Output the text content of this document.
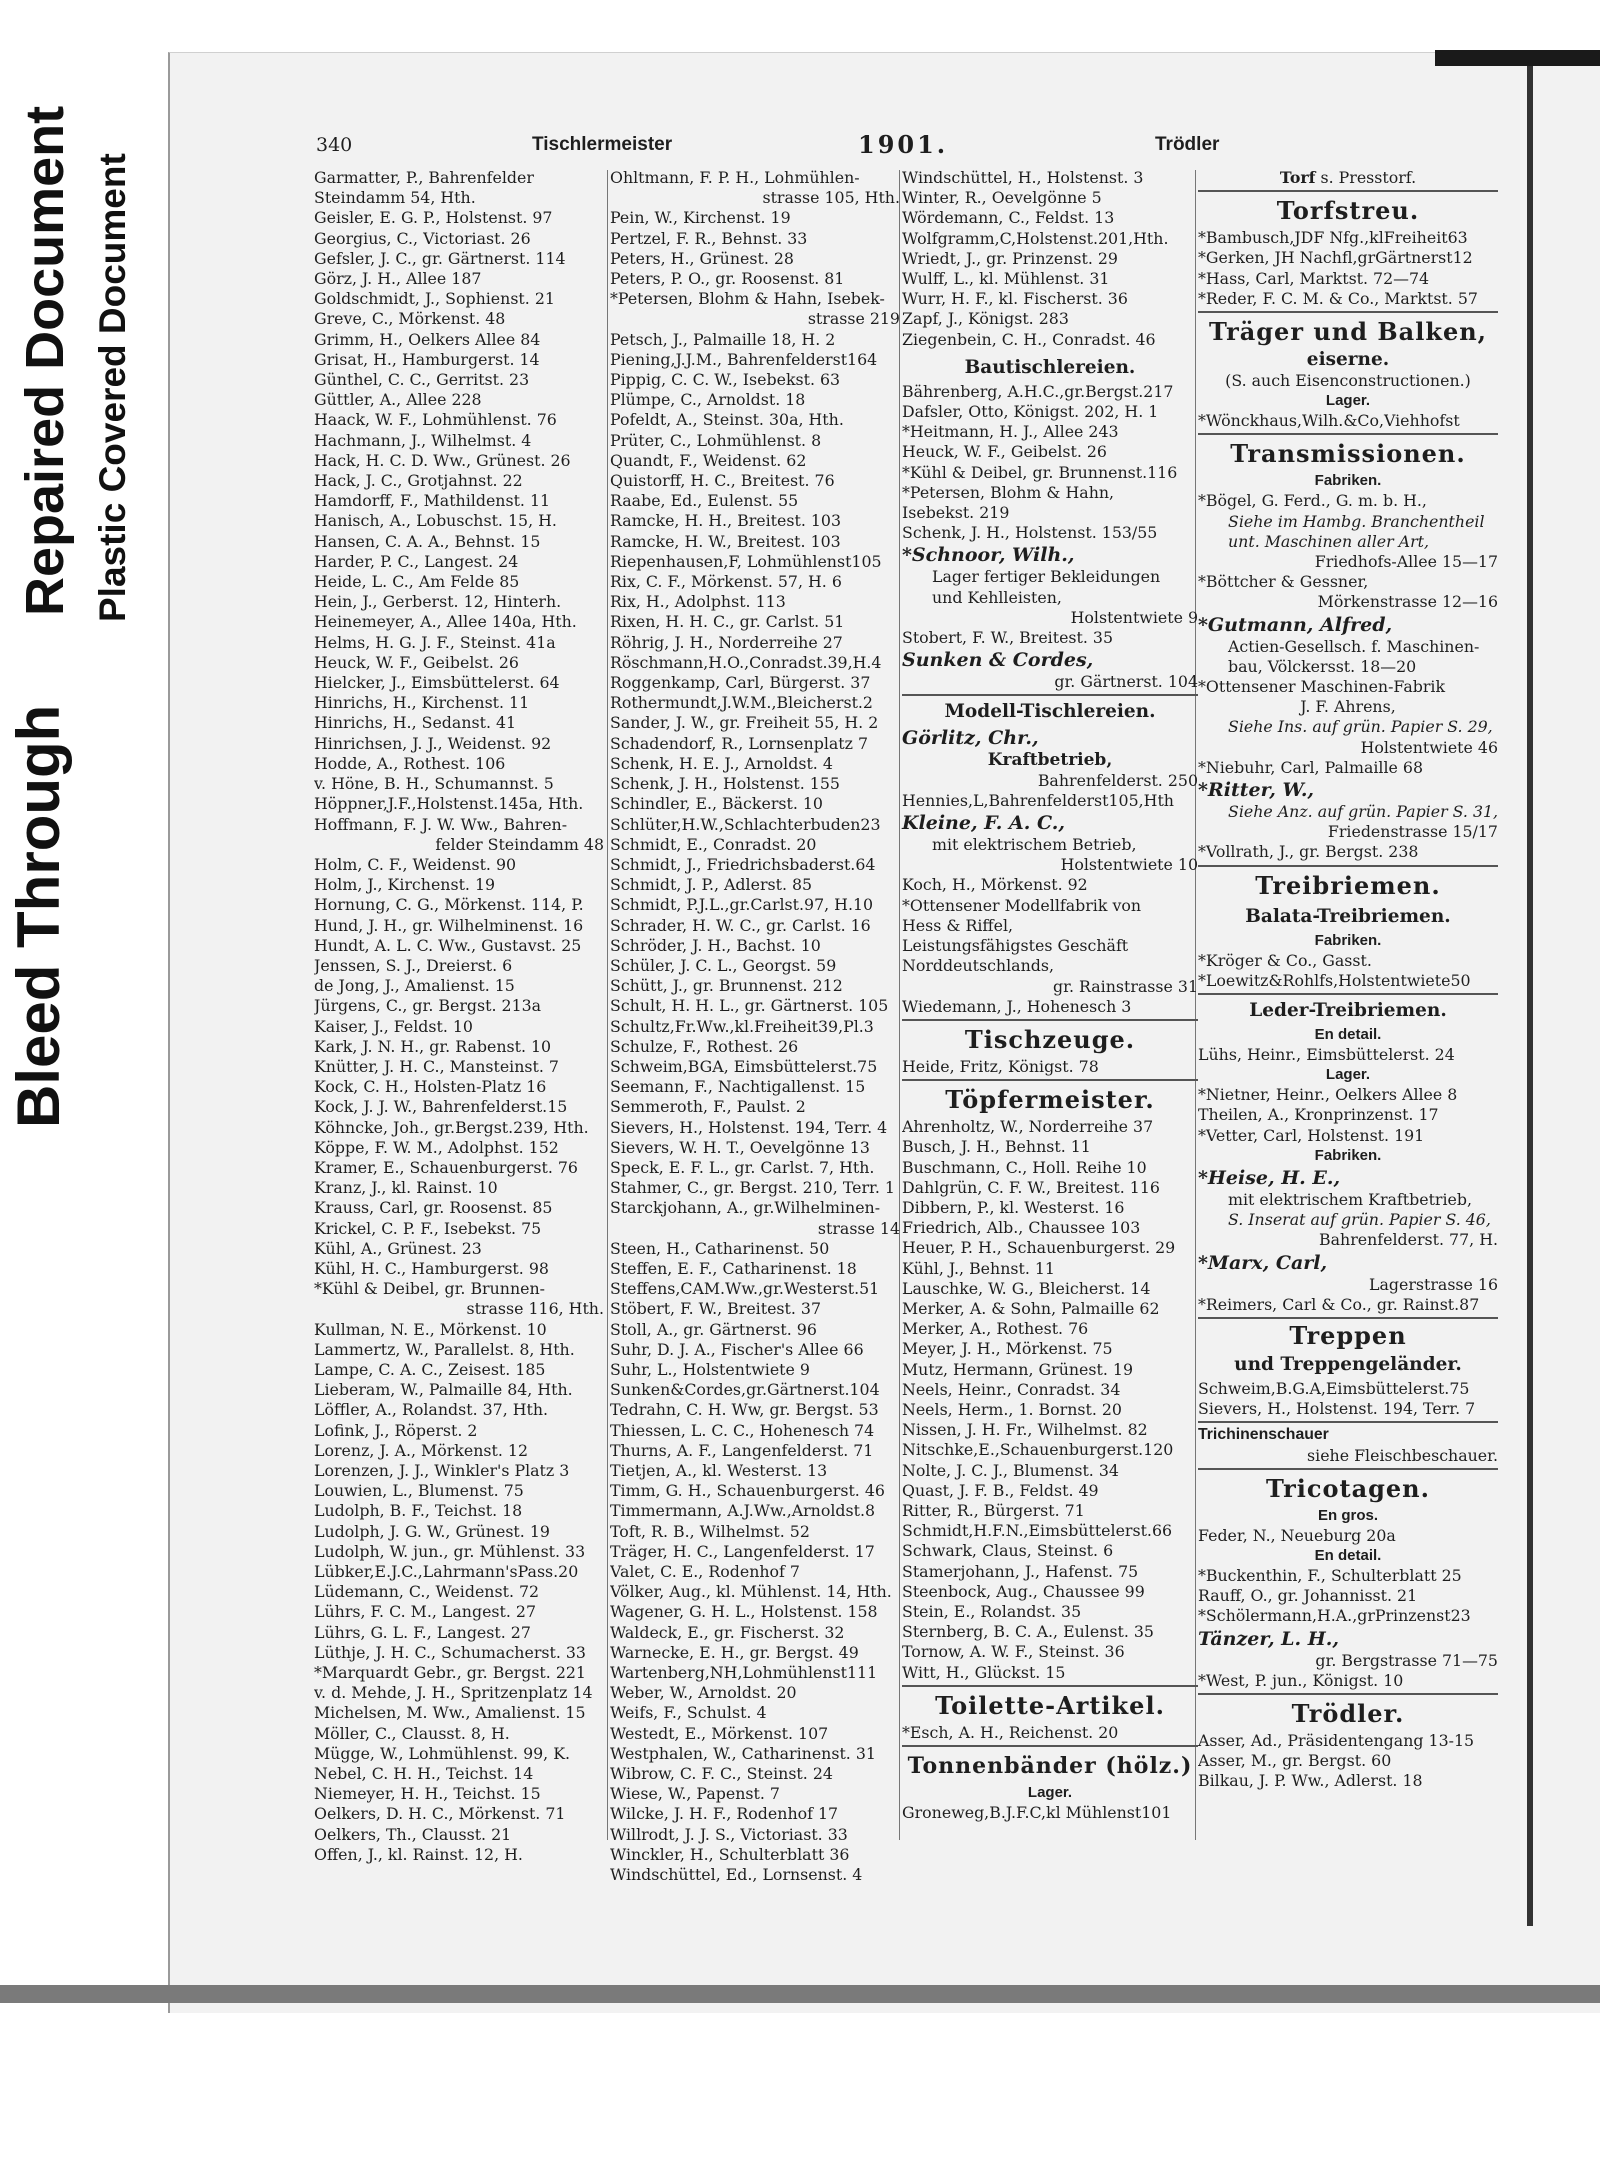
Bleed Through
Repaired Document Plastic Covered Document
340	Tischlermeister	1901.	Trödler
Garmatter, P., Bahrenfelder
Steindamm 54, Hth.
Geisler, E. G. P., Holstenst. 97
Georgius, C., Victoriast. 26
Gefsler, J. C., gr. Gärtnerst. 114
Görz, J. H., Allee 187
Goldschmidt, J., Sophienst. 21
Greve, C., Mörkenst. 48
Grimm, H., Oelkers Allee 84
Grisat, H., Hamburgerst. 14
Günthel, C. C., Gerritst. 23
Güttler, A., Allee 228
Haack, W. F., Lohmühlenst. 76
Hachmann, J., Wilhelmst. 4
Hack, H. C. D. Ww., Grünest. 26
Hack, J. C., Grotjahnst. 22
Hamdorff, F., Mathildenst. 11
Hanisch, A., Lobuschst. 15, H.
Hansen, C. A. A., Behnst. 15
Harder, P. C., Langest. 24
Heide, L. C., Am Felde 85
Hein, J., Gerberst. 12, Hinterh.
Heinemeyer, A., Allee 140a, Hth.
Helms, H. G. J. F., Steinst. 41a
Heuck, W. F., Geibelst. 26
Hielcker, J., Eimsbüttelerst. 64
Hinrichs, H., Kirchenst. 11
Hinrichs, H., Sedanst. 41
Hinrichsen, J. J., Weidenst. 92
Hodde, A., Rothest. 106
v. Höne, B. H., Schumannst. 5
Höppner,J.F.,Holstenst.145a, Hth.
Hoffmann, F. J. W. Ww., Bahren-
felder Steindamm 48
Holm, C. F., Weidenst. 90
Holm, J., Kirchenst. 19
Hornung, C. G., Mörkenst. 114, P.
Hund, J. H., gr. Wilhelminenst. 16
Hundt, A. L. C. Ww., Gustavst. 25
Jenssen, S. J., Dreierst. 6
de Jong, J., Amalienst. 15
Jürgens, C., gr. Bergst. 213a
Kaiser, J., Feldst. 10
Kark, J. N. H., gr. Rabenst. 10
Knütter, J. H. C., Mansteinst. 7
Kock, C. H., Holsten-Platz 16
Kock, J. J. W., Bahrenfelderst.15
Köhncke, Joh., gr.Bergst.239, Hth.
Köppe, F. W. M., Adolphst. 152
Kramer, E., Schauenburgerst. 76
Kranz, J., kl. Rainst. 10
Krauss, Carl, gr. Roosenst. 85
Krickel, C. P. F., Isebekst. 75
Kühl, A., Grünest. 23
Kühl, H. C., Hamburgerst. 98
*Kühl & Deibel, gr. Brunnen-
strasse 116, Hth.
Kullman, N. E., Mörkenst. 10
Lammertz, W., Parallelst. 8, Hth.
Lampe, C. A. C., Zeisest. 185
Lieberam, W., Palmaille 84, Hth.
Löffler, A., Rolandst. 37, Hth.
Lofink, J., Röperst. 2
Lorenz, J. A., Mörkenst. 12
Lorenzen, J. J., Winkler's Platz 3
Louwien, L., Blumenst. 75
Ludolph, B. F., Teichst. 18
Ludolph, J. G. W., Grünest. 19
Ludolph, W. jun., gr. Mühlenst. 33
Lübker,E.J.C.,Lahrmann'sPass.20
Lüdemann, C., Weidenst. 72
Lührs, F. C. M., Langest. 27
Lührs, G. L. F., Langest. 27
Lüthje, J. H. C., Schumacherst. 33
*Marquardt Gebr., gr. Bergst. 221
v. d. Mehde, J. H., Spritzenplatz 14
Michelsen, M. Ww., Amalienst. 15
Möller, C., Clausst. 8, H.
Mügge, W., Lohmühlenst. 99, K.
Nebel, C. H. H., Teichst. 14
Niemeyer, H. H., Teichst. 15
Oelkers, D. H. C., Mörkenst. 71
Oelkers, Th., Clausst. 21
Offen, J., kl. Rainst. 12, H.
Ohltmann, F. P. H., Lohmühlen-
strasse 105, Hth.
Pein, W., Kirchenst. 19
Pertzel, F. R., Behnst. 33
Peters, H., Grünest. 28
Peters, P. O., gr. Roosenst. 81
*Petersen, Blohm & Hahn, Isebek-
strasse 219
Petsch, J., Palmaille 18, H. 2
Piening,J.J.M., Bahrenfelderst164
Pippig, C. C. W., Isebekst. 63
Plümpe, C., Arnoldst. 18
Pofeldt, A., Steinst. 30a, Hth.
Prüter, C., Lohmühlenst. 8
Quandt, F., Weidenst. 62
Quistorff, H. C., Breitest. 76
Raabe, Ed., Eulenst. 55
Ramcke, H. H., Breitest. 103
Ramcke, H. W., Breitest. 103
Riepenhausen,F, Lohmühlenst105
Rix, C. F., Mörkenst. 57, H. 6
Rix, H., Adolphst. 113
Rixen, H. H. C., gr. Carlst. 51
Röhrig, J. H., Norderreihe 27
Röschmann,H.O.,Conradst.39,H.4
Roggenkamp, Carl, Bürgerst. 37
Rothermundt,J.W.M.,Bleicherst.2
Sander, J. W., gr. Freiheit 55, H. 2
Schadendorf, R., Lornsenplatz 7
Schenk, H. E. J., Arnoldst. 4
Schenk, J. H., Holstenst. 155
Schindler, E., Bäckerst. 10
Schlüter,H.W.,Schlachterbuden23
Schmidt, E., Conradst. 20
Schmidt, J., Friedrichsbaderst.64
Schmidt, J. P., Adlerst. 85
Schmidt, P.J.L.,gr.Carlst.97, H.10
Schrader, H. W. C., gr. Carlst. 16
Schröder, J. H., Bachst. 10
Schüler, J. C. L., Georgst. 59
Schütt, J., gr. Brunnenst. 212
Schult, H. H. L., gr. Gärtnerst. 105
Schultz,Fr.Ww.,kl.Freiheit39,Pl.3
Schulze, F., Rothest. 26
Schweim,BGA, Eimsbüttelerst.75
Seemann, F., Nachtigallenst. 15
Semmeroth, F., Paulst. 2
Sievers, H., Holstenst. 194, Terr. 4
Sievers, W. H. T., Oevelgönne 13
Speck, E. F. L., gr. Carlst. 7, Hth.
Stahmer, C., gr. Bergst. 210, Terr. 1
Starckjohann, A., gr.Wilhelminen-
strasse 14
Steen, H., Catharinenst. 50
Steffen, E. F., Catharinenst. 18
Steffens,CAM.Ww.,gr.Westerst.51
Stöbert, F. W., Breitest. 37
Stoll, A., gr. Gärtnerst. 96
Suhr, D. J. A., Fischer's Allee 66
Suhr, L., Holstentwiete 9
Sunken&Cordes,gr.Gärtnerst.104
Tedrahn, C. H. Ww, gr. Bergst. 53
Thiessen, L. C. C., Hohenesch 74
Thurns, A. F., Langenfelderst. 71
Tietjen, A., kl. Westerst. 13
Timm, G. H., Schauenburgerst. 46
Timmermann, A.J.Ww.,Arnoldst.8
Toft, R. B., Wilhelmst. 52
Träger, H. C., Langenfelderst. 17
Valet, C. E., Rodenhof 7
Völker, Aug., kl. Mühlenst. 14, Hth.
Wagener, G. H. L., Holstenst. 158
Waldeck, E., gr. Fischerst. 32
Warnecke, E. H., gr. Bergst. 49
Wartenberg,NH,Lohmühlenst111
Weber, W., Arnoldst. 20
Weifs, F., Schulst. 4
Westedt, E., Mörkenst. 107
Westphalen, W., Catharinenst. 31
Wibrow, C. F. C., Steinst. 24
Wiese, W., Papenst. 7
Wilcke, J. H. F., Rodenhof 17
Willrodt, J. J. S., Victoriast. 33
Winckler, H., Schulterblatt 36
Windschüttel, Ed., Lornsenst. 4
Windschüttel, H., Holstenst. 3
Winter, R., Oevelgönne 5
Wördemann, C., Feldst. 13
Wolfgramm,C,Holstenst.201,Hth.
Wriedt, J., gr. Prinzenst. 29
Wulff, L., kl. Mühlenst. 31
Wurr, H. F., kl. Fischerst. 36
Zapf, J., Königst. 283
Ziegenbein, C. H., Conradst. 46
Bautischlereien.
Bährenberg, A.H.C.,gr.Bergst.217
Dafsler, Otto, Königst. 202, H. 1
*Heitmann, H. J., Allee 243
Heuck, W. F., Geibelst. 26
*Kühl & Deibel, gr. Brunnenst.116
*Petersen, Blohm & Hahn,
Isebekst. 219
Schenk, J. H., Holstenst. 153/55
*Schnoor, Wilh.,
Lager fertiger Bekleidungen
und Kehlleisten,
Holstentwiete 9
Stobert, F. W., Breitest. 35
Sunken & Cordes,
gr. Gärtnerst. 104
Modell-Tischlereien.
Görlitz, Chr.,
Kraftbetrieb,
Bahrenfelderst. 250
Hennies,L,Bahrenfelderst105,Hth
Kleine, F. A. C.,
mit elektrischem Betrieb,
Holstentwiete 10
Koch, H., Mörkenst. 92
*Ottensener Modellfabrik von
Hess & Riffel,
Leistungsfähigstes Geschäft
Norddeutschlands,
gr. Rainstrasse 31
Wiedemann, J., Hohenesch 3
Tischzeuge.
Heide, Fritz, Königst. 78
Töpfermeister.
Ahrenholtz, W., Norderreihe 37
Busch, J. H., Behnst. 11
Buschmann, C., Holl. Reihe 10
Dahlgrün, C. F. W., Breitest. 116
Dibbern, P., kl. Westerst. 16
Friedrich, Alb., Chaussee 103
Heuer, P. H., Schauenburgerst. 29
Kühl, J., Behnst. 11
Lauschke, W. G., Bleicherst. 14
Merker, A. & Sohn, Palmaille 62
Merker, A., Rothest. 76
Meyer, J. H., Mörkenst. 75
Mutz, Hermann, Grünest. 19
Neels, Heinr., Conradst. 34
Neels, Herm., 1. Bornst. 20
Nissen, J. H. Fr., Wilhelmst. 82
Nitschke,E.,Schauenburgerst.120
Nolte, J. C. J., Blumenst. 34
Quast, J. F. B., Feldst. 49
Ritter, R., Bürgerst. 71
Schmidt,H.F.N.,Eimsbüttelerst.66
Schwark, Claus, Steinst. 6
Stamerjohann, J., Hafenst. 75
Steenbock, Aug., Chaussee 99
Stein, E., Rolandst. 35
Sternberg, B. C. A., Eulenst. 35
Tornow, A. W. F., Steinst. 36
Witt, H., Glückst. 15
Toilette-Artikel.
*Esch, A. H., Reichenst. 20
Tonnenbänder (hölz.)
Lager.
Groneweg,B.J.F.C,kl Mühlenst101
Torf s. Presstorf.
Torfstreu.
*Bambusch,JDF Nfg.,klFreiheit63
*Gerken, JH Nachfl,grGärtnerst12
*Hass, Carl, Marktst. 72—74
*Reder, F. C. M. & Co., Marktst. 57
Träger und Balken,
eiserne.
(S. auch Eisenconstructionen.)
Lager.
*Wönckhaus,Wilh.&Co,Viehhofst
Transmissionen.
Fabriken.
*Bögel, G. Ferd., G. m. b. H.,
Siehe im Hambg. Branchentheil
unt. Maschinen aller Art,
Friedhofs-Allee 15—17
*Böttcher & Gessner,
Mörkenstrasse 12—16
*Gutmann, Alfred,
Actien-Gesellsch. f. Maschinen-
bau, Völckersst. 18—20
*Ottensener Maschinen-Fabrik
J. F. Ahrens,
Siehe Ins. auf grün. Papier S. 29,
Holstentwiete 46
*Niebuhr, Carl, Palmaille 68
*Ritter, W.,
Siehe Anz. auf grün. Papier S. 31,
Friedenstrasse 15/17
*Vollrath, J., gr. Bergst. 238
Treibriemen.
Balata-Treibriemen.
Fabriken.
*Kröger & Co., Gasst.
*Loewitz&Rohlfs,Holstentwiete50
Leder-Treibriemen.
En detail.
Lühs, Heinr., Eimsbüttelerst. 24
Lager.
*Nietner, Heinr., Oelkers Allee 8
Theilen, A., Kronprinzenst. 17
*Vetter, Carl, Holstenst. 191
Fabriken.
*Heise, H. E.,
mit elektrischem Kraftbetrieb,
S. Inserat auf grün. Papier S. 46,
Bahrenfelderst. 77, H.
*Marx, Carl,
Lagerstrasse 16
*Reimers, Carl & Co., gr. Rainst.87
Treppen
und Treppengeländer.
Schweim,B.G.A,Eimsbüttelerst.75
Sievers, H., Holstenst. 194, Terr. 7
Trichinenschauer
siehe Fleischbeschauer.
Tricotagen.
En gros.
Feder, N., Neueburg 20a
En detail.
*Buckenthin, F., Schulterblatt 25
Rauff, O., gr. Johannisst. 21
*Schölermann,H.A.,grPrinzenst23
Tänzer, L. H.,
gr. Bergstrasse 71—75
*West, P. jun., Königst. 10
Trödler.
Asser, Ad., Präsidentengang 13-15
Asser, M., gr. Bergst. 60
Bilkau, J. P. Ww., Adlerst. 18
